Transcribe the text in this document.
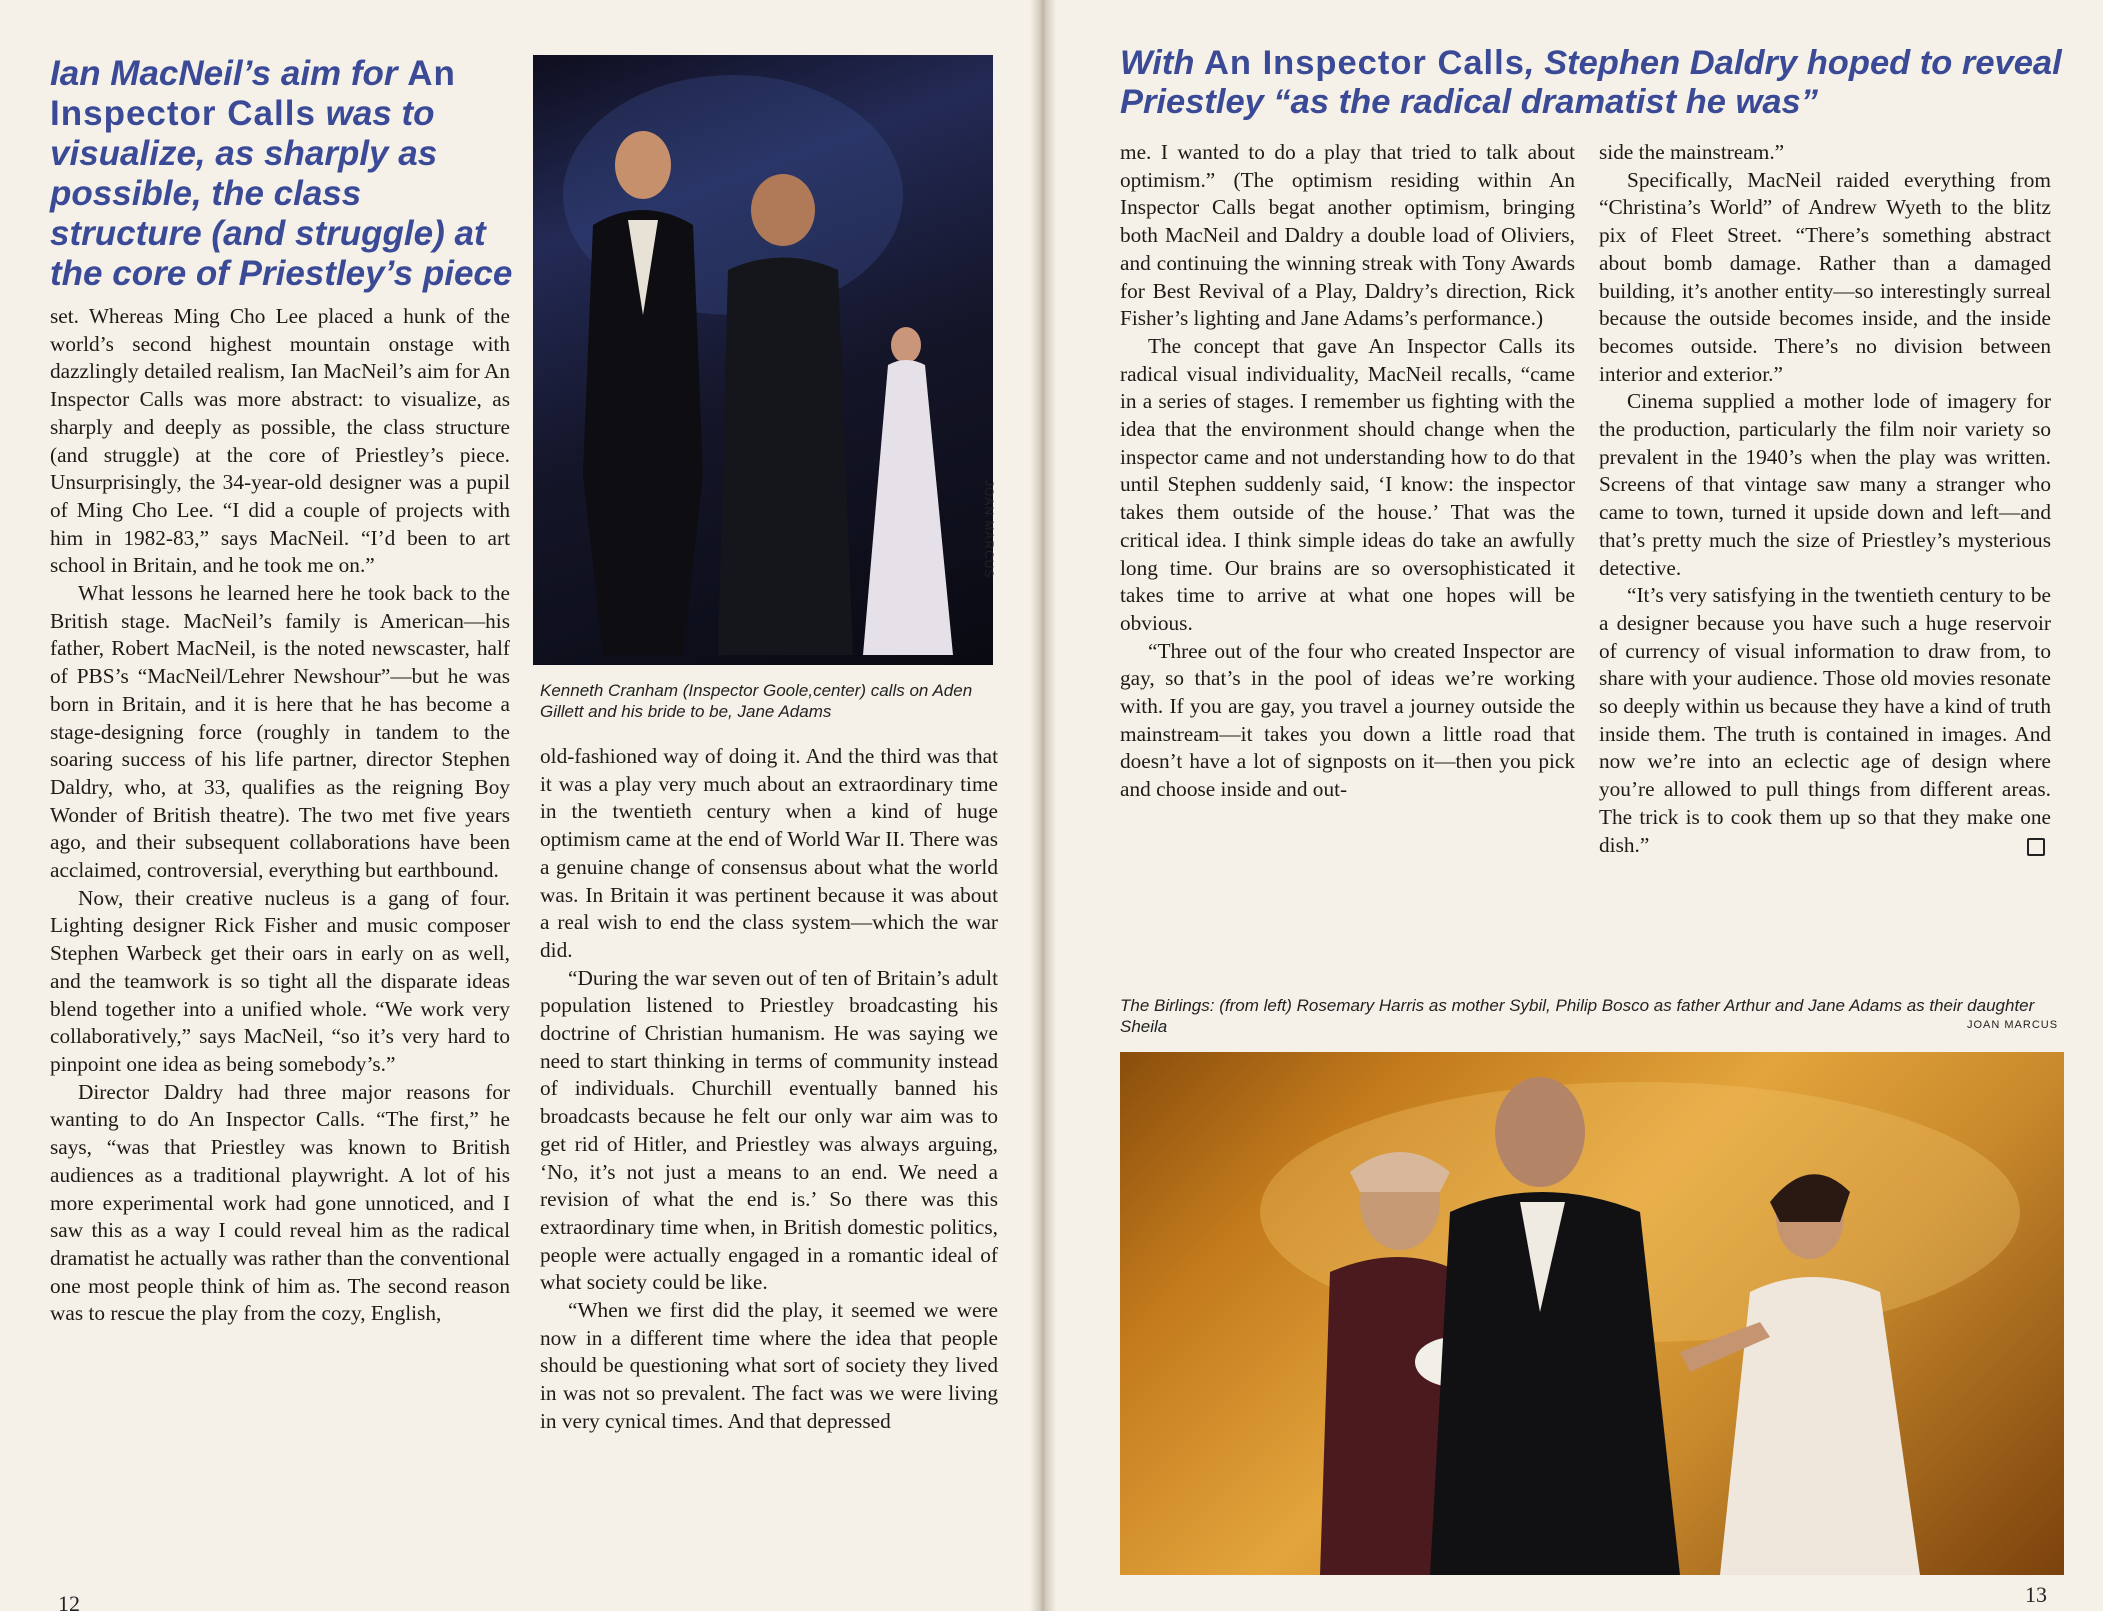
Ian MacNeil’s aim for An Inspector Calls was to visualize, as sharply as possible, the class structure (and struggle) at the core of Priestley’s piece

set. Whereas Ming Cho Lee placed a hunk of the world’s second highest mountain onstage with dazzlingly detailed realism, Ian MacNeil’s aim for An Inspector Calls was more abstract: to visualize, as sharply and deeply as possible, the class structure (and struggle) at the core of Priestley’s piece. Unsurprisingly, the 34-year-old designer was a pupil of Ming Cho Lee. “I did a couple of projects with him in 1982-83,” says MacNeil. “I’d been to art school in Britain, and he took me on.”

What lessons he learned here he took back to the British stage. MacNeil’s family is American—his father, Robert MacNeil, is the noted newscaster, half of PBS’s “MacNeil/Lehrer Newshour”—but he was born in Britain, and it is here that he has become a stage-designing force (roughly in tandem to the soaring success of his life partner, director Stephen Daldry, who, at 33, qualifies as the reigning Boy Wonder of British theatre). The two met five years ago, and their subsequent collaborations have been acclaimed, controversial, everything but earthbound.

Now, their creative nucleus is a gang of four. Lighting designer Rick Fisher and music composer Stephen Warbeck get their oars in early on as well, and the teamwork is so tight all the disparate ideas blend together into a unified whole. “We work very collaboratively,” says MacNeil, “so it’s very hard to pinpoint one idea as being somebody’s.”

Director Daldry had three major reasons for wanting to do An Inspector Calls. “The first,” he says, “was that Priestley was known to British audiences as a traditional playwright. A lot of his more experimental work had gone unnoticed, and I saw this as a way I could reveal him as the radical dramatist he actually was rather than the conventional one most people think of him as. The second reason was to rescue the play from the cozy, English,

JOAN MARCUS

Kenneth Cranham (Inspector Goole,center) calls on Aden Gillett and his bride to be, Jane Adams

old-fashioned way of doing it. And the third was that it was a play very much about an extraordinary time in the twentieth century when a kind of huge optimism came at the end of World War II. There was a genuine change of consensus about what the world was. In Britain it was pertinent because it was about a real wish to end the class system—which the war did.

“During the war seven out of ten of Britain’s adult population listened to Priestley broadcasting his doctrine of Christian humanism. He was saying we need to start thinking in terms of community instead of individuals. Churchill eventually banned his broadcasts because he felt our only war aim was to get rid of Hitler, and Priestley was always arguing, ‘No, it’s not just a means to an end. We need a revision of what the end is.’ So there was this extraordinary time when, in British domestic politics, people were actually engaged in a romantic ideal of what society could be like.

“When we first did the play, it seemed we were now in a different time where the idea that people should be questioning what sort of society they lived in was not so prevalent. The fact was we were living in very cynical times. And that depressed

12
With An Inspector Calls, Stephen Daldry hoped to reveal Priestley “as the radical dramatist he was”

me. I wanted to do a play that tried to talk about optimism.” (The optimism residing within An Inspector Calls begat another optimism, bringing both MacNeil and Daldry a double load of Oliviers, and continuing the winning streak with Tony Awards for Best Revival of a Play, Daldry’s direction, Rick Fisher’s lighting and Jane Adams’s performance.)

The concept that gave An Inspector Calls its radical visual individuality, MacNeil recalls, “came in a series of stages. I remember us fighting with the idea that the environment should change when the inspector came and not understanding how to do that until Stephen suddenly said, ‘I know: the inspector takes them outside of the house.’ That was the critical idea. I think simple ideas do take an awfully long time. Our brains are so oversophisticated it takes time to arrive at what one hopes will be obvious.

“Three out of the four who created Inspector are gay, so that’s in the pool of ideas we’re working with. If you are gay, you travel a journey outside the mainstream—it takes you down a little road that doesn’t have a lot of signposts on it—then you pick and choose inside and out-

side the mainstream.”

Specifically, MacNeil raided everything from “Christina’s World” of Andrew Wyeth to the blitz pix of Fleet Street. “There’s something abstract about bomb damage. Rather than a damaged building, it’s another entity—so interestingly surreal because the outside becomes inside, and the inside becomes outside. There’s no division between interior and exterior.”

Cinema supplied a mother lode of imagery for the production, particularly the film noir variety so prevalent in the 1940’s when the play was written. Screens of that vintage saw many a stranger who came to town, turned it upside down and left—and that’s pretty much the size of Priestley’s mysterious detective.

“It’s very satisfying in the twentieth century to be a designer because you have such a huge reservoir of currency of visual information to draw from, to share with your audience. Those old movies resonate so deeply within us because they have a kind of truth inside them. The truth is contained in images. And now we’re into an eclectic age of design where you’re allowed to pull things from different areas. The trick is to cook them up so that they make one dish.”

The Birlings: (from left) Rosemary Harris as mother Sybil, Philip Bosco as father Arthur and Jane Adams as their daughter Sheila	JOAN MARCUS
13
